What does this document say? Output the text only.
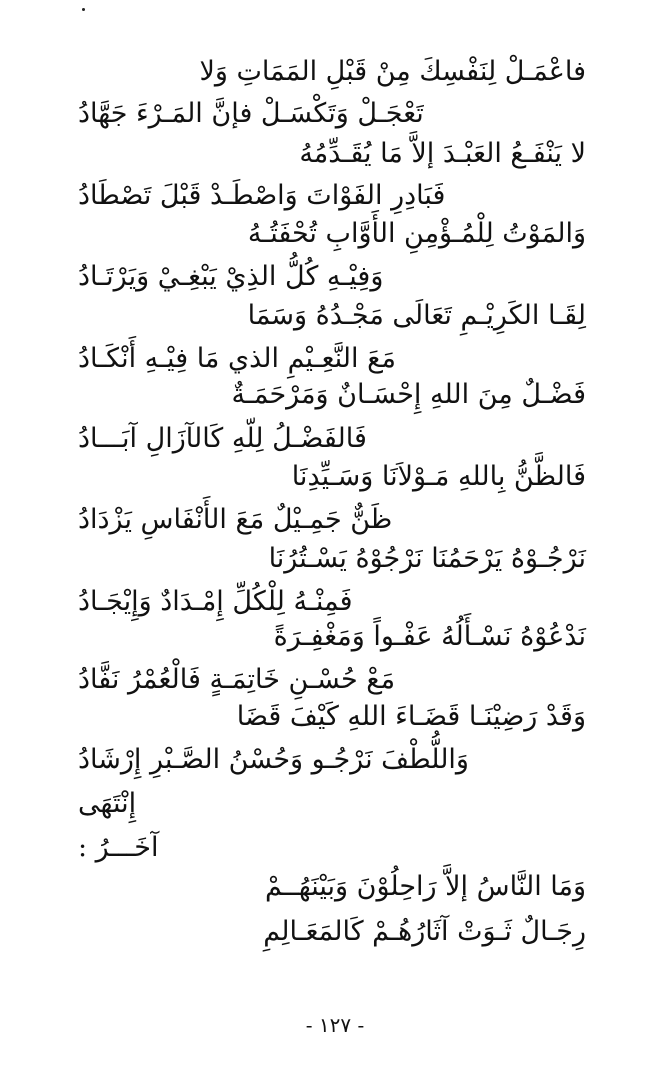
فاعْمَـلْ لِنَفْسِكَ مِنْ قَبْلِ المَمَاتِ وَلا
تَعْجَـلْ وَتَكْسَـلْ فإنَّ المَـرْءَ جَهَّادُ
لا يَنْفَـعُ العَبْـدَ إلاَّ مَا يُقَـدِّمُهُ
فَبَادِرِ الفَوْاتَ وَاصْطَـدْ قَبْلَ تَصْطَادُ
وَالمَوْتُ لِلْمُـؤْمِنِ الأَوَّابِ تُحْفَتُـهُ
وَفِيْـهِ كُلُّ الذِيْ يَبْغِـيْ وَيَرْتَـادُ
لِقَـا الكَرِيْـمِ تَعَالَى مَجْـدُهُ وَسَمَا
مَعَ النَّعِـيْمِ الذي مَا فِيْـهِ أَنْكَـادُ
فَضْـلٌ مِنَ اللهِ إِحْسَـانٌ وَمَرْحَمَـةٌ
فَالفَضْـلُ لِلّهِ كَالآزَالِ آبَـــادُ
فَالظَّنُّ بِاللهِ مَـوْلاَنَا وَسَـيِّدِنَا
ظَنٌّ جَمِـيْلٌ مَعَ الأَنْفَاسِ يَزْدَادُ
نَرْجُـوْهُ يَرْحَمُنَا نَرْجُوْهُ يَسْـتُرُنَا
فَمِنْـهُ لِلْكُلِّ إِمْـدَادٌ وَإِيْجَـادُ
نَدْعُوْهُ نَسْـأَلُهُ عَفْـواً وَمَغْفِـرَةً
مَعْ حُسْـنِ خَاتِمَـةٍ فَالْعُمْرُ نَفَّادُ
وَقَدْ رَضِيْنَـا قَضَـاءَ اللهِ كَيْفَ قَضَا
وَاللُّطْفَ نَرْجُـو وَحُسْنُ الصَّـبْرِ إِرْشَادُ
إِنْتَهَى
آخَـــرُ :
وَمَا النَّاسُ إلاَّ رَاحِلُوْنَ وَبَيْنَهُــمْ
رِجَـالٌ ثَـوَتْ آثَارُهُـمْ كَالمَعَـالِمِ
- ١٢٧ -
